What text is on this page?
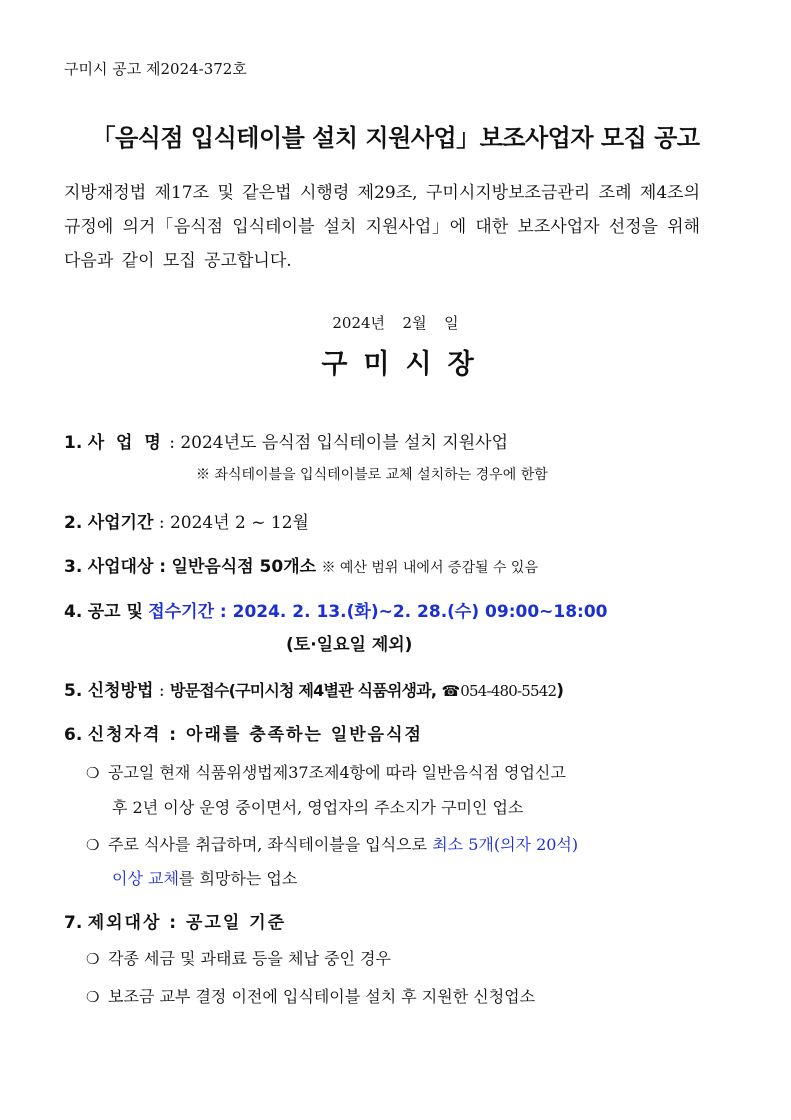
구미시 공고 제2024-372호
「음식점 입식테이블 설치 지원사업」보조사업자 모집 공고
지방재정법 제17조 및 같은법 시행령 제29조, 구미시지방보조금관리 조례 제4조의 규정에 의거「음식점 입식테이블 설치 지원사업」에 대한 보조사업자 선정을 위해 다음과 같이 모집 공고합니다.
2024년  2월  일
구미시장
1. 사 업 명 : 2024년도 음식점 입식테이블 설치 지원사업
※ 좌식테이블을 입식테이블로 교체 설치하는 경우에 한함
2. 사업기간 : 2024년 2 ~ 12월
3. 사업대상 : 일반음식점 50개소 ※ 예산 범위 내에서 증감될 수 있음
4. 공고 및 접수기간 : 2024. 2. 13.(화)~2. 28.(수) 09:00~18:00
(토·일요일 제외)
5. 신청방법 : 방문접수(구미시청 제4별관 식품위생과, ☎054-480-5542)
6. 신청자격 : 아래를 충족하는 일반음식점
❍ 공고일 현재 식품위생법제37조제4항에 따라 일반음식점 영업신고
후 2년 이상 운영 중이면서, 영업자의 주소지가 구미인 업소
❍ 주로 식사를 취급하며, 좌식테이블을 입식으로 최소 5개(의자 20석)
이상 교체를 희망하는 업소
7. 제외대상 : 공고일 기준
❍ 각종 세금 및 과태료 등을 체납 중인 경우
❍ 보조금 교부 결정 이전에 입식테이블 설치 후 지원한 신청업소
